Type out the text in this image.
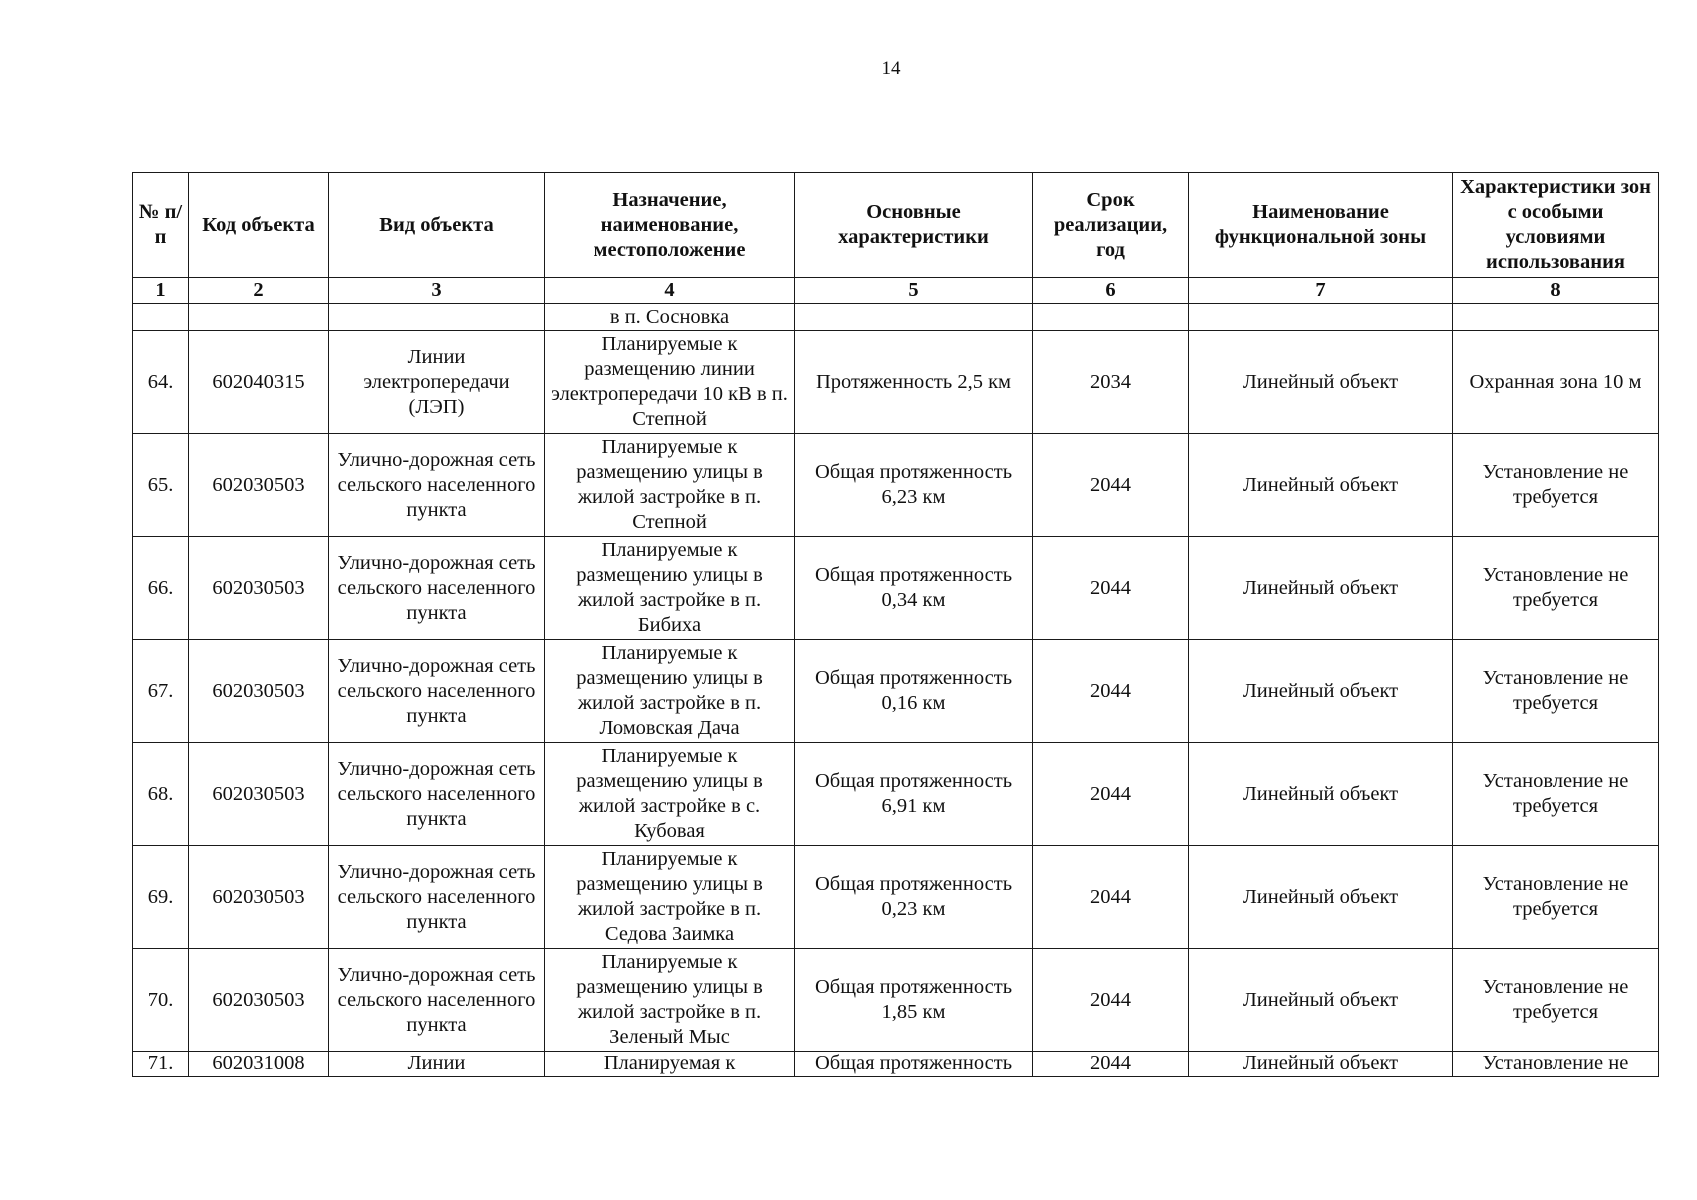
14
№ п/п	Код объекта	Вид объекта	Назначение, наименование, местоположение	Основные характеристики	Срок реализации, год	Наименование функциональной зоны	Характеристики зон с особыми условиями использования
1	2	3	4	5	6	7	8
			в п. Сосновка				
64.	602040315	Линии электропередачи (ЛЭП)	Планируемые к размещению линии электропередачи 10 кВ в п. Степной	Протяженность 2,5 км	2034	Линейный объект	Охранная зона 10 м
65.	602030503	Улично-дорожная сеть сельского населенного пункта	Планируемые к размещению улицы в жилой застройке в п. Степной	Общая протяженность 6,23 км	2044	Линейный объект	Установление не требуется
66.	602030503	Улично-дорожная сеть сельского населенного пункта	Планируемые к размещению улицы в жилой застройке в п. Бибиха	Общая протяженность 0,34 км	2044	Линейный объект	Установление не требуется
67.	602030503	Улично-дорожная сеть сельского населенного пункта	Планируемые к размещению улицы в жилой застройке в п. Ломовская Дача	Общая протяженность 0,16 км	2044	Линейный объект	Установление не требуется
68.	602030503	Улично-дорожная сеть сельского населенного пункта	Планируемые к размещению улицы в жилой застройке в с. Кубовая	Общая протяженность 6,91 км	2044	Линейный объект	Установление не требуется
69.	602030503	Улично-дорожная сеть сельского населенного пункта	Планируемые к размещению улицы в жилой застройке в п. Седова Заимка	Общая протяженность 0,23 км	2044	Линейный объект	Установление не требуется
70.	602030503	Улично-дорожная сеть сельского населенного пункта	Планируемые к размещению улицы в жилой застройке в п. Зеленый Мыс	Общая протяженность 1,85 км	2044	Линейный объект	Установление не требуется
71.	602031008	Линии	Планируемая к	Общая протяженность	2044	Линейный объект	Установление не
